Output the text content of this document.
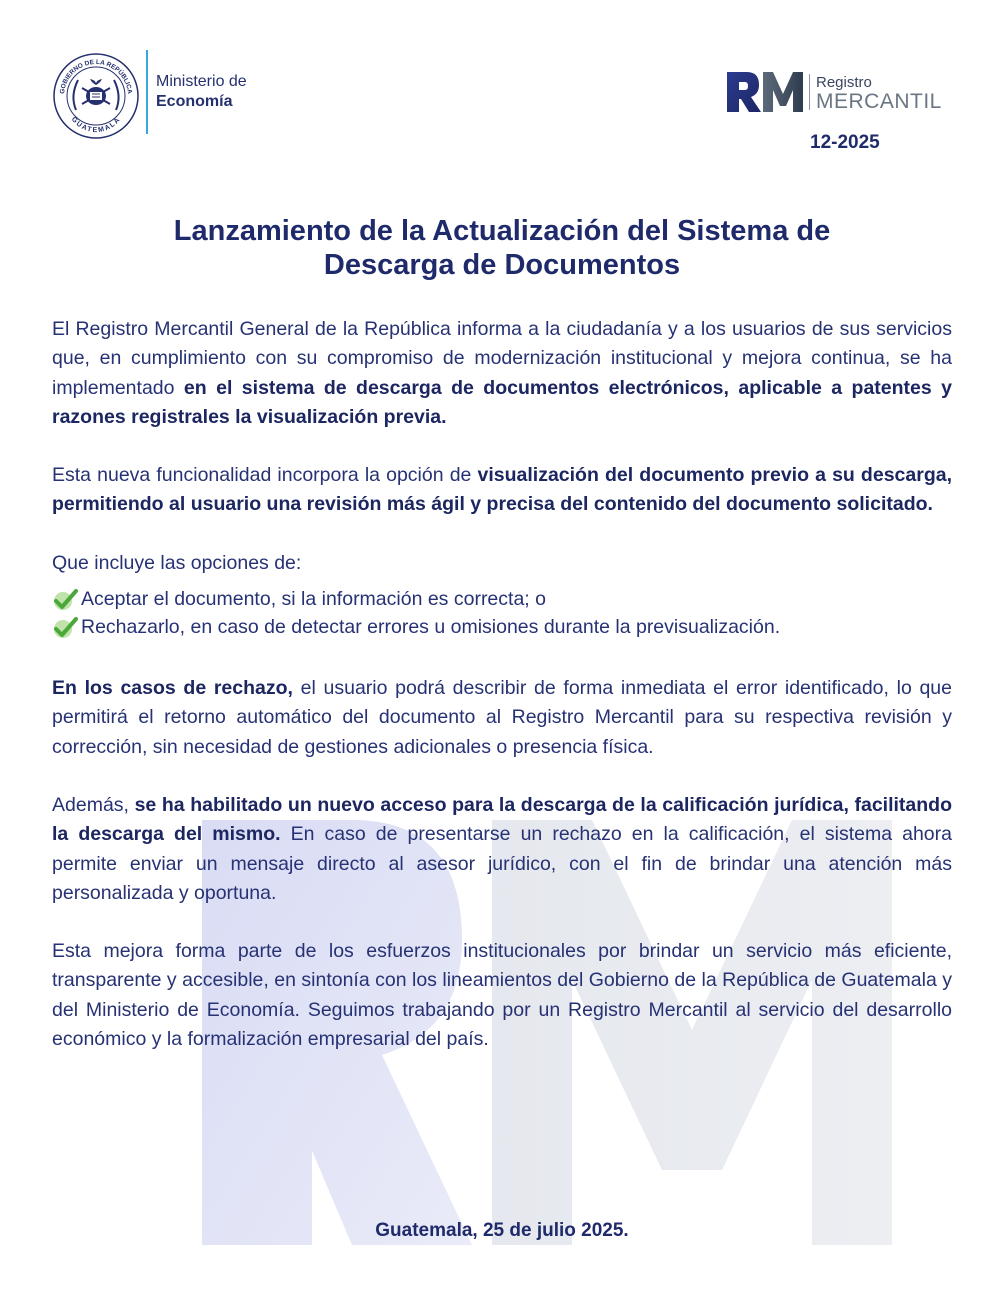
GOBIERNO DE LA REPÚBLICA
GUATEMALA
Ministerio de
Economía
Registro
MERCANTIL
12-2025
Lanzamiento de la Actualización del Sistema de
Descarga de Documentos

El Registro Mercantil General de la República informa a la ciudadanía y a los usuarios de sus servicios que, en cumplimiento con su compromiso de modernización institucional y mejora continua, se ha implementado en el sistema de descarga de documentos electrónicos, aplicable a patentes y razones registrales la visualización previa.

Esta nueva funcionalidad incorpora la opción de visualización del documento previo a su descarga, permitiendo al usuario una revisión más ágil y precisa del contenido del documento solicitado.

Que incluye las opciones de:

Aceptar el documento, si la información es correcta; o
Rechazarlo, en caso de detectar errores u omisiones durante la previsualización.

En los casos de rechazo, el usuario podrá describir de forma inmediata el error identificado, lo que permitirá el retorno automático del documento al Registro Mercantil para su respectiva revisión y corrección, sin necesidad de gestiones adicionales o presencia física.

Además, se ha habilitado un nuevo acceso para la descarga de la calificación jurídica, facilitando la descarga del mismo. En caso de presentarse un rechazo en la calificación, el sistema ahora permite enviar un mensaje directo al asesor jurídico, con el fin de brindar una atención más personalizada y oportuna.

Esta mejora forma parte de los esfuerzos institucionales por brindar un servicio más eficiente, transparente y accesible, en sintonía con los lineamientos del Gobierno de la República de Guatemala y del Ministerio de Economía. Seguimos trabajando por un Registro Mercantil al servicio del desarrollo económico y la formalización empresarial del país.

Guatemala, 25 de julio 2025.
